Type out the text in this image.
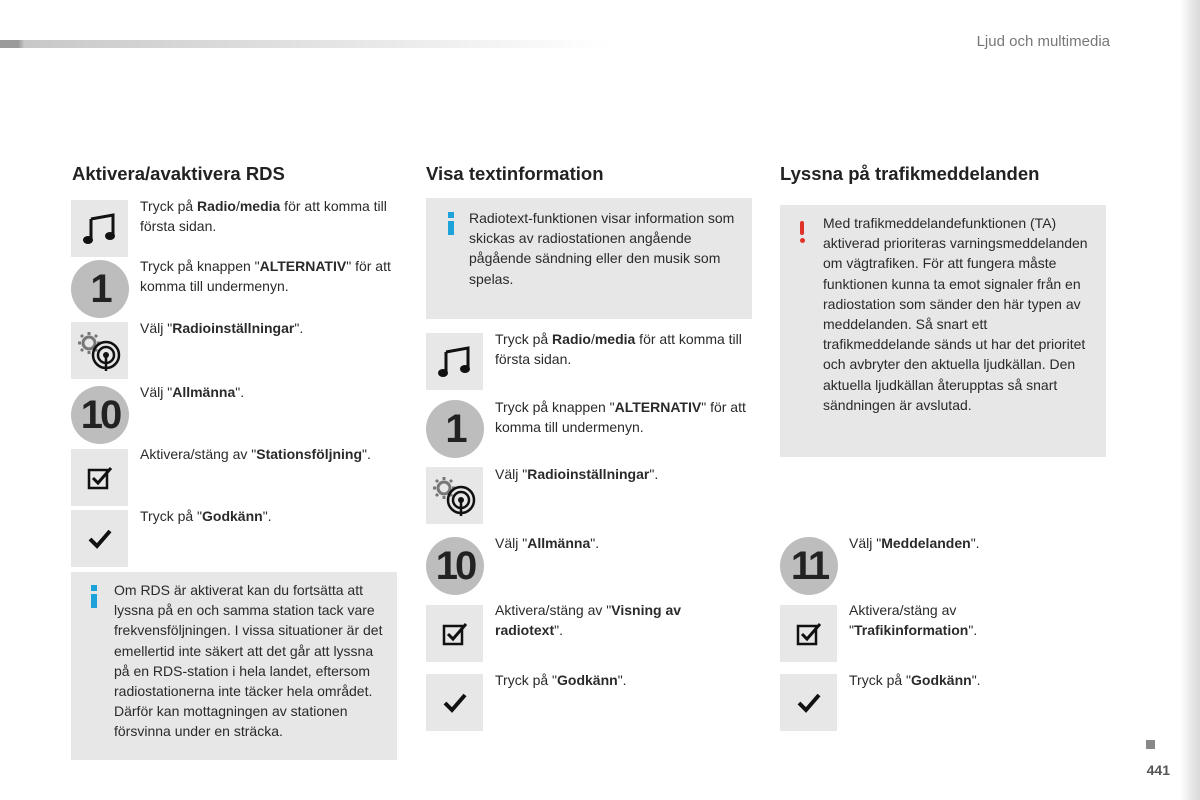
Ljud och multimedia
Aktivera/avaktivera RDS
Tryck på Radio/media för att komma till första sidan.
1
Tryck på knappen "ALTERNATIV" för att komma till undermenyn.
Välj "Radioinställningar".
10
Välj "Allmänna".
Aktivera/stäng av "Stationsföljning".
Tryck på "Godkänn".
Om RDS är aktiverat kan du fortsätta att lyssna på en och samma station tack vare frekvensföljningen. I vissa situationer är det emellertid inte säkert att det går att lyssna på en RDS-station i hela landet, eftersom radiostationerna inte täcker hela området. Därför kan mottagningen av stationen försvinna under en sträcka.
Visa textinformation
Radiotext-funktionen visar information som skickas av radiostationen angående pågående sändning eller den musik som spelas.
Tryck på Radio/media för att komma till första sidan.
1	Tryck på knappen "ALTERNATIV" för att komma till undermenyn.
Välj "Radioinställningar".
10
Välj "Allmänna".
Aktivera/stäng av "Visning av radiotext".
Tryck på "Godkänn".
Lyssna på trafikmeddelanden
Med trafikmeddelandefunktionen (TA) aktiverad prioriteras varningsmeddelanden om vägtrafiken. För att fungera måste funktionen kunna ta emot signaler från en radiostation som sänder den här typen av meddelanden. Så snart ett trafikmeddelande sänds ut har det prioritet och avbryter den aktuella ljudkällan. Den aktuella ljudkällan återupptas så snart sändningen är avslutad.
11
Välj "Meddelanden".
Aktivera/stäng av "Trafikinformation".
Tryck på "Godkänn".
441
